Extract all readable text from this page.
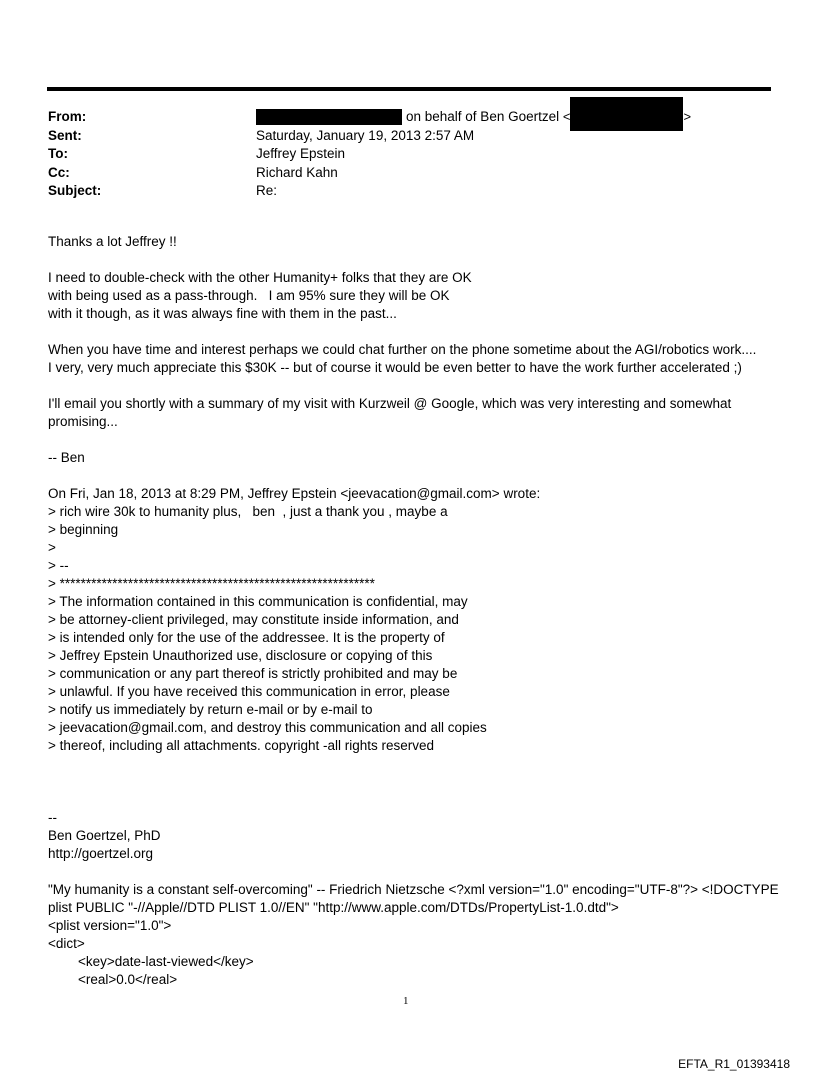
From:	on behalf of Ben Goertzel <	>
Sent:	Saturday, January 19, 2013 2:57 AM
To:	Jeffrey Epstein
Cc:	Richard Kahn
Subject:	Re:
Thanks a lot Jeffrey !!
I need to double-check with the other Humanity+ folks that they are OK
with being used as a pass-through.   I am 95% sure they will be OK
with it though, as it was always fine with them in the past...
When you have time and interest perhaps we could chat further on the phone sometime about the AGI/robotics work....
I very, very much appreciate this $30K -- but of course it would be even better to have the work further accelerated ;)
I'll email you shortly with a summary of my visit with Kurzweil @ Google, which was very interesting and somewhat
promising...
-- Ben
On Fri, Jan 18, 2013 at 8:29 PM, Jeffrey Epstein <jeevacation@gmail.com> wrote:
> rich wire 30k to humanity plus,   ben  , just a thank you , maybe a
> beginning
>
> --
> ************************************************************
> The information contained in this communication is confidential, may
> be attorney-client privileged, may constitute inside information, and
> is intended only for the use of the addressee. It is the property of
> Jeffrey Epstein Unauthorized use, disclosure or copying of this
> communication or any part thereof is strictly prohibited and may be
> unlawful. If you have received this communication in error, please
> notify us immediately by return e-mail or by e-mail to
> jeevacation@gmail.com, and destroy this communication and all copies
> thereof, including all attachments. copyright -all rights reserved
--
Ben Goertzel, PhD
http://goertzel.org
"My humanity is a constant self-overcoming" -- Friedrich Nietzsche <?xml version="1.0" encoding="UTF-8"?> <!DOCTYPE
plist PUBLIC "-//Apple//DTD PLIST 1.0//EN" "http://www.apple.com/DTDs/PropertyList-1.0.dtd">
<plist version="1.0">
<dict>
<key>date-last-viewed</key>
<real>0.0</real>
1
EFTA_R1_01393418
